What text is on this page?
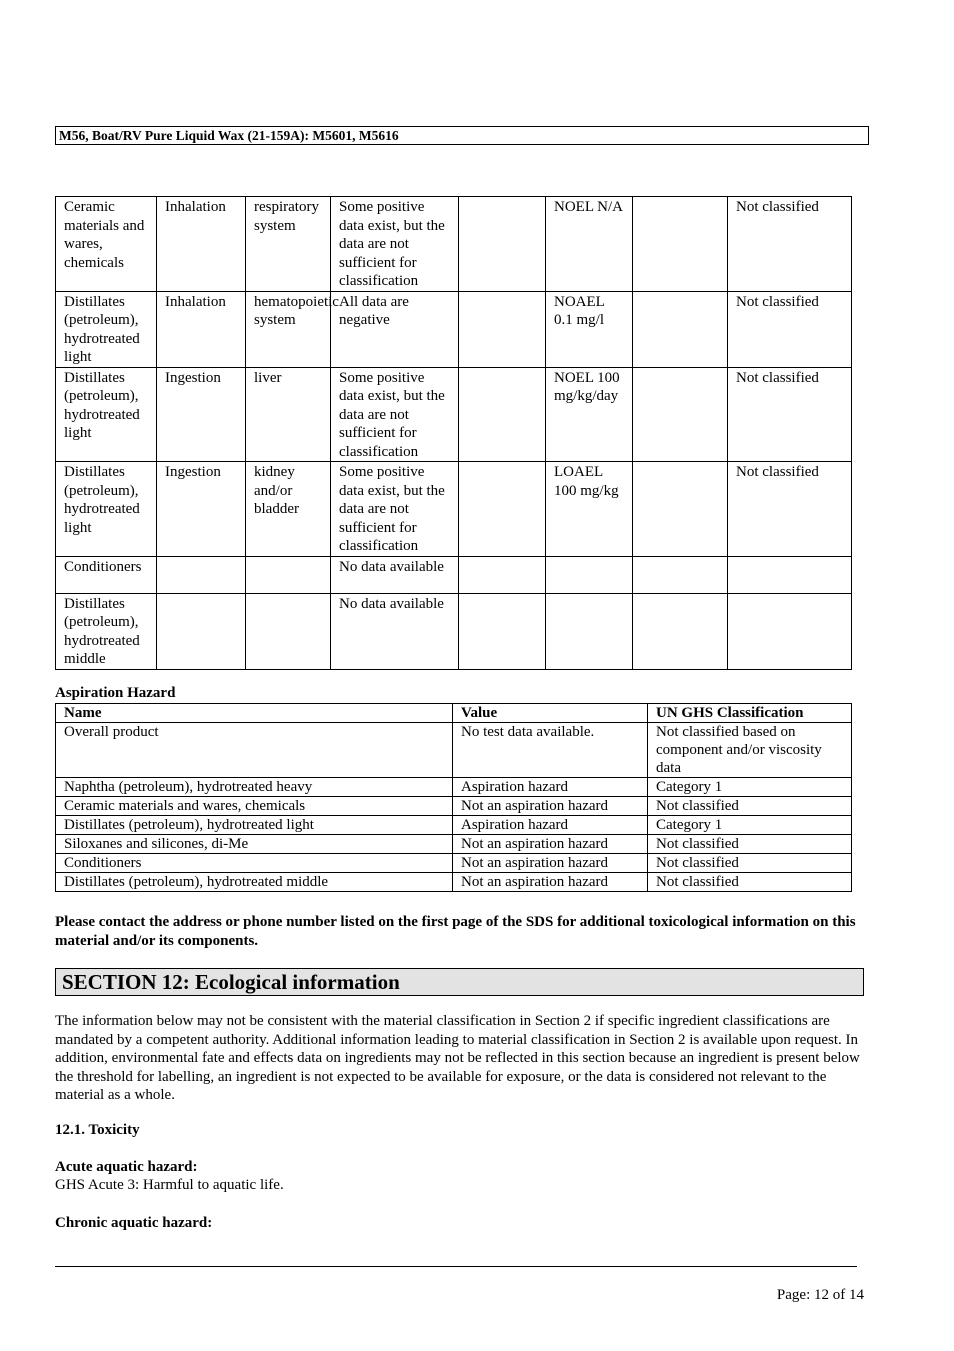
M56, Boat/RV Pure Liquid Wax (21-159A): M5601, M5616
Ceramic materials and wares, chemicals	Inhalation	respiratory system	Some positive data exist, but the data are not sufficient for classification		NOEL N/A		Not classified
Distillates (petroleum), hydrotreated light	Inhalation	hematopoietic system	All data are negative		NOAEL 0.1 mg/l		Not classified
Distillates (petroleum), hydrotreated light	Ingestion	liver	Some positive data exist, but the data are not sufficient for classification		NOEL 100 mg/kg/day		Not classified
Distillates (petroleum), hydrotreated light	Ingestion	kidney and/or bladder	Some positive data exist, but the data are not sufficient for classification		LOAEL 100 mg/kg		Not classified
Conditioners			No data available				
Distillates (petroleum), hydrotreated middle			No data available				
Aspiration Hazard
Name	Value	UN GHS Classification
Overall product	No test data available.	Not classified based on component and/or viscosity data
Naphtha (petroleum), hydrotreated heavy	Aspiration hazard	Category 1
Ceramic materials and wares, chemicals	Not an aspiration hazard	Not classified
Distillates (petroleum), hydrotreated light	Aspiration hazard	Category 1
Siloxanes and silicones, di-Me	Not an aspiration hazard	Not classified
Conditioners	Not an aspiration hazard	Not classified
Distillates (petroleum), hydrotreated middle	Not an aspiration hazard	Not classified
Please contact the address or phone number listed on the first page of the SDS for additional toxicological information on this material and/or its components.
SECTION 12: Ecological information
The information below may not be consistent with the material classification in Section 2 if specific ingredient classifications are mandated by a competent authority. Additional information leading to material classification in Section 2 is available upon request. In addition, environmental fate and effects data on ingredients may not be reflected in this section because an ingredient is present below the threshold for labelling, an ingredient is not expected to be available for exposure, or the data is considered not relevant to the material as a whole.
12.1. Toxicity
Acute aquatic hazard:
GHS Acute 3: Harmful to aquatic life.
Chronic aquatic hazard:
Page: 12 of 14
